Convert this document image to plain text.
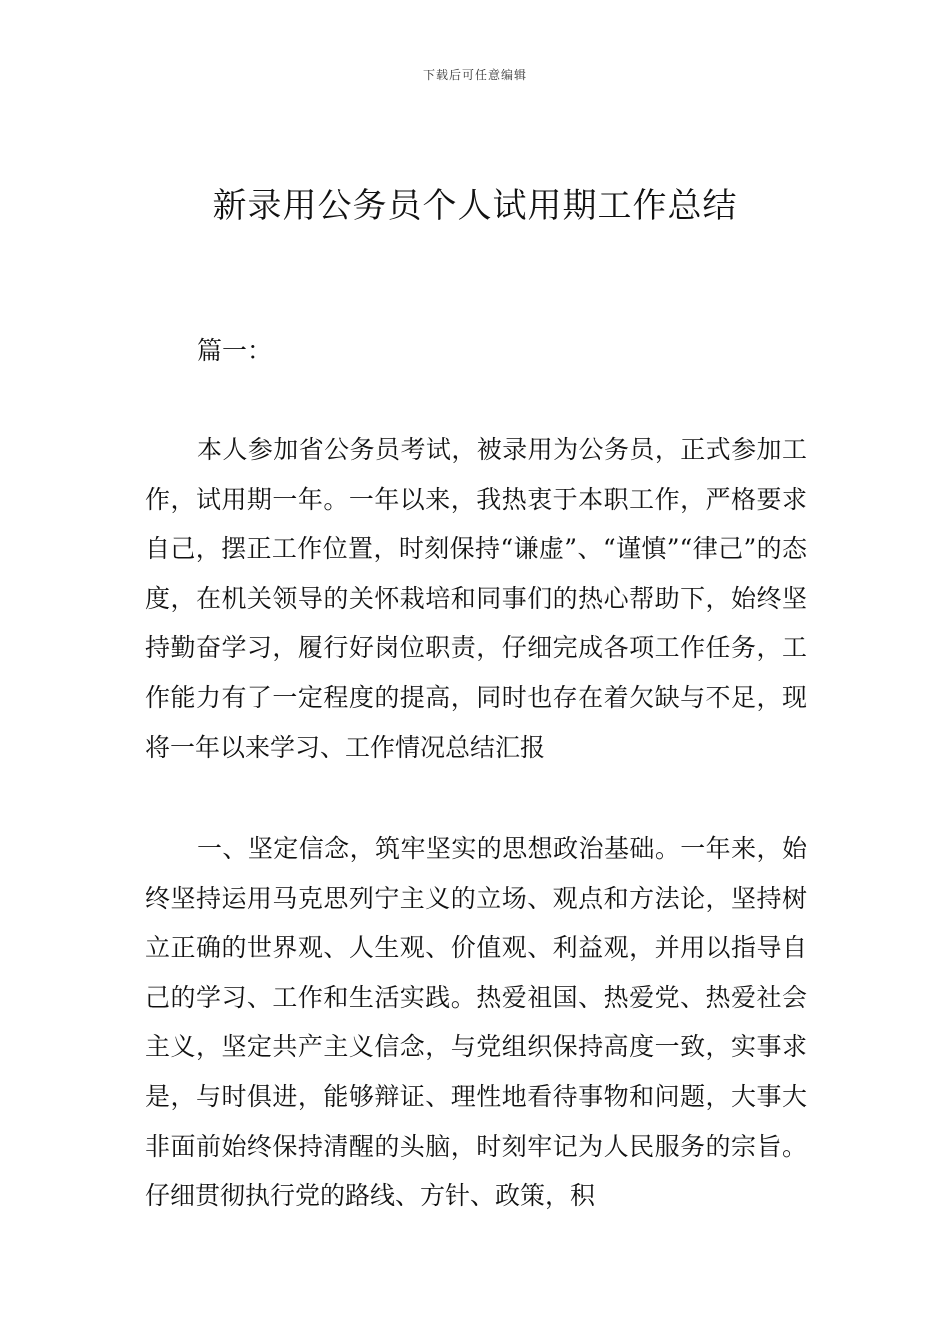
下载后可任意编辑
新录用公务员个人试用期工作总结

篇一：

本人参加省公务员考试，被录用为公务员，正式参加工作，试用期一年。一年以来，我热衷于本职工作，严格要求自己，摆正工作位置，时刻保持“谦虚”、“谨慎”“律己”的态度，在机关领导的关怀栽培和同事们的热心帮助下，始终坚持勤奋学习，履行好岗位职责，仔细完成各项工作任务，工作能力有了一定程度的提高，同时也存在着欠缺与不足，现将一年以来学习、工作情况总结汇报

一、坚定信念，筑牢坚实的思想政治基础。一年来，始终坚持运用马克思列宁主义的立场、观点和方法论，坚持树立正确的世界观、人生观、价值观、利益观，并用以指导自己的学习、工作和生活实践。热爱祖国、热爱党、热爱社会主义，坚定共产主义信念，与党组织保持高度一致，实事求是，与时俱进，能够辩证、理性地看待事物和问题，大事大非面前始终保持清醒的头脑，时刻牢记为人民服务的宗旨。仔细贯彻执行党的路线、方针、政策，积
